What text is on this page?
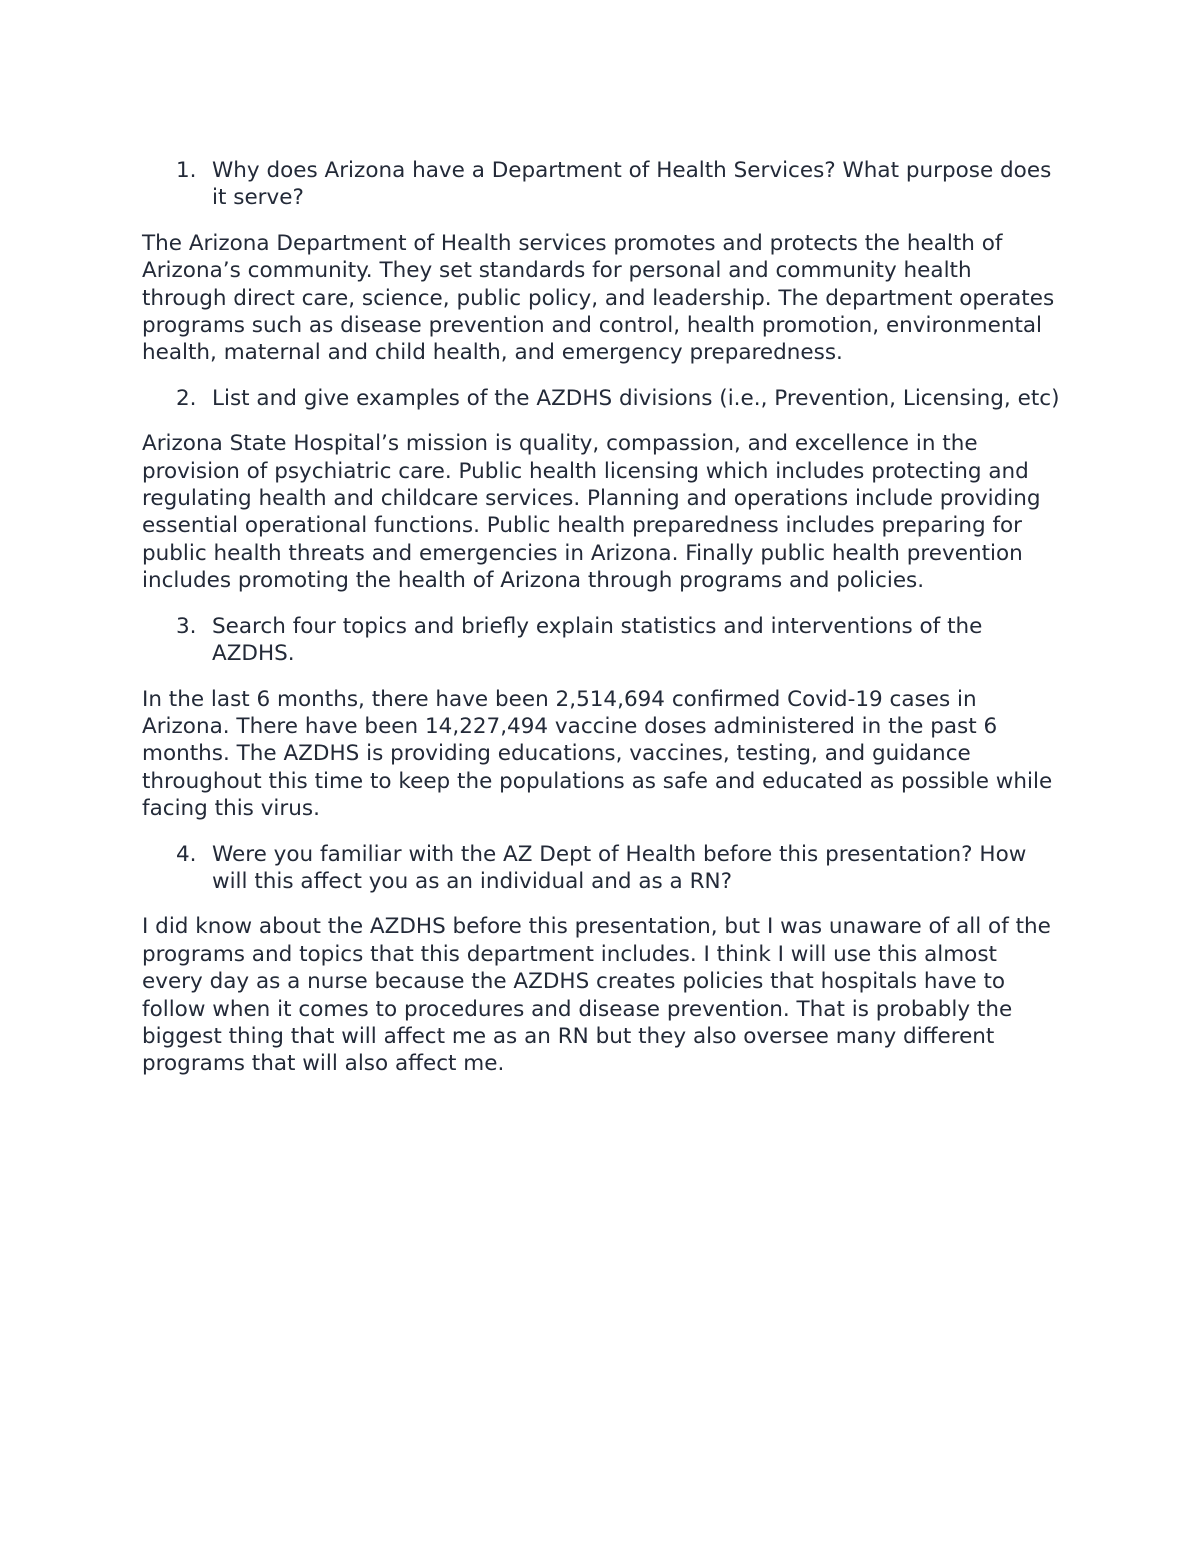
1. Why does Arizona have a Department of Health Services? What purpose does it serve?

The Arizona Department of Health services promotes and protects the health of Arizona’s community. They set standards for personal and community health through direct care, science, public policy, and leadership. The department operates programs such as disease prevention and control, health promotion, environmental health, maternal and child health, and emergency preparedness.

2. List and give examples of the AZDHS divisions (i.e., Prevention, Licensing, etc)

Arizona State Hospital’s mission is quality, compassion, and excellence in the provision of psychiatric care. Public health licensing which includes protecting and regulating health and childcare services. Planning and operations include providing essential operational functions. Public health preparedness includes preparing for public health threats and emergencies in Arizona. Finally public health prevention includes promoting the health of Arizona through programs and policies.

3. Search four topics and briefly explain statistics and interventions of the AZDHS.

In the last 6 months, there have been 2,514,694 confirmed Covid-19 cases in Arizona. There have been 14,227,494 vaccine doses administered in the past 6 months. The AZDHS is providing educations, vaccines, testing, and guidance throughout this time to keep the populations as safe and educated as possible while facing this virus.

4. Were you familiar with the AZ Dept of Health before this presentation? How will this affect you as an individual and as a RN?

I did know about the AZDHS before this presentation, but I was unaware of all of the programs and topics that this department includes. I think I will use this almost every day as a nurse because the AZDHS creates policies that hospitals have to follow when it comes to procedures and disease prevention. That is probably the biggest thing that will affect me as an RN but they also oversee many different programs that will also affect me.
